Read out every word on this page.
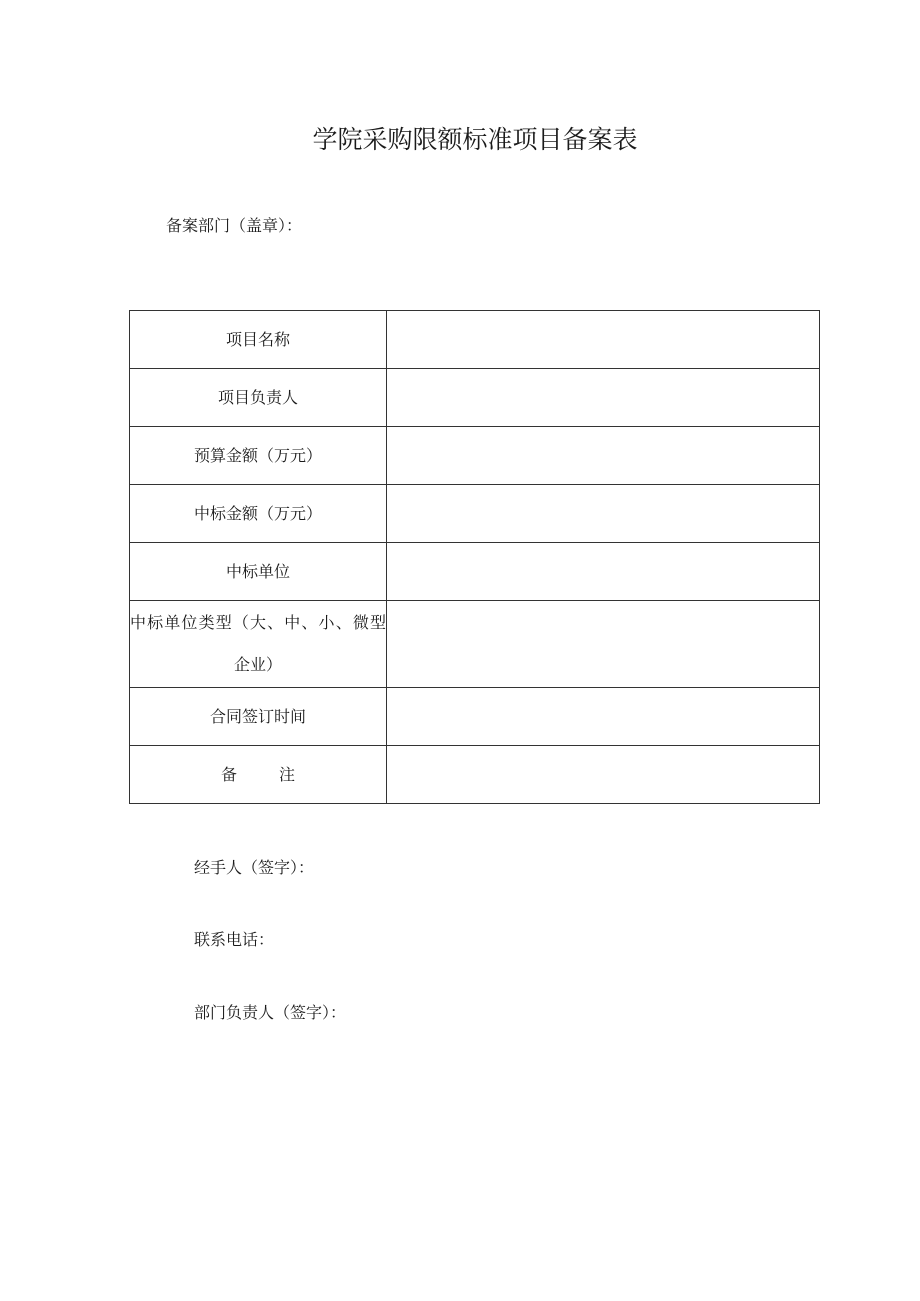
学院采购限额标准项目备案表
备案部门（盖章）：
项目名称	
项目负责人	
预算金额（万元）	
中标金额（万元）	
中标单位	

中标单位类型（大、中、小、微型
企业）	

合同签订时间	
备注	
经手人（签字）：
联系电话：
部门负责人（签字）：
